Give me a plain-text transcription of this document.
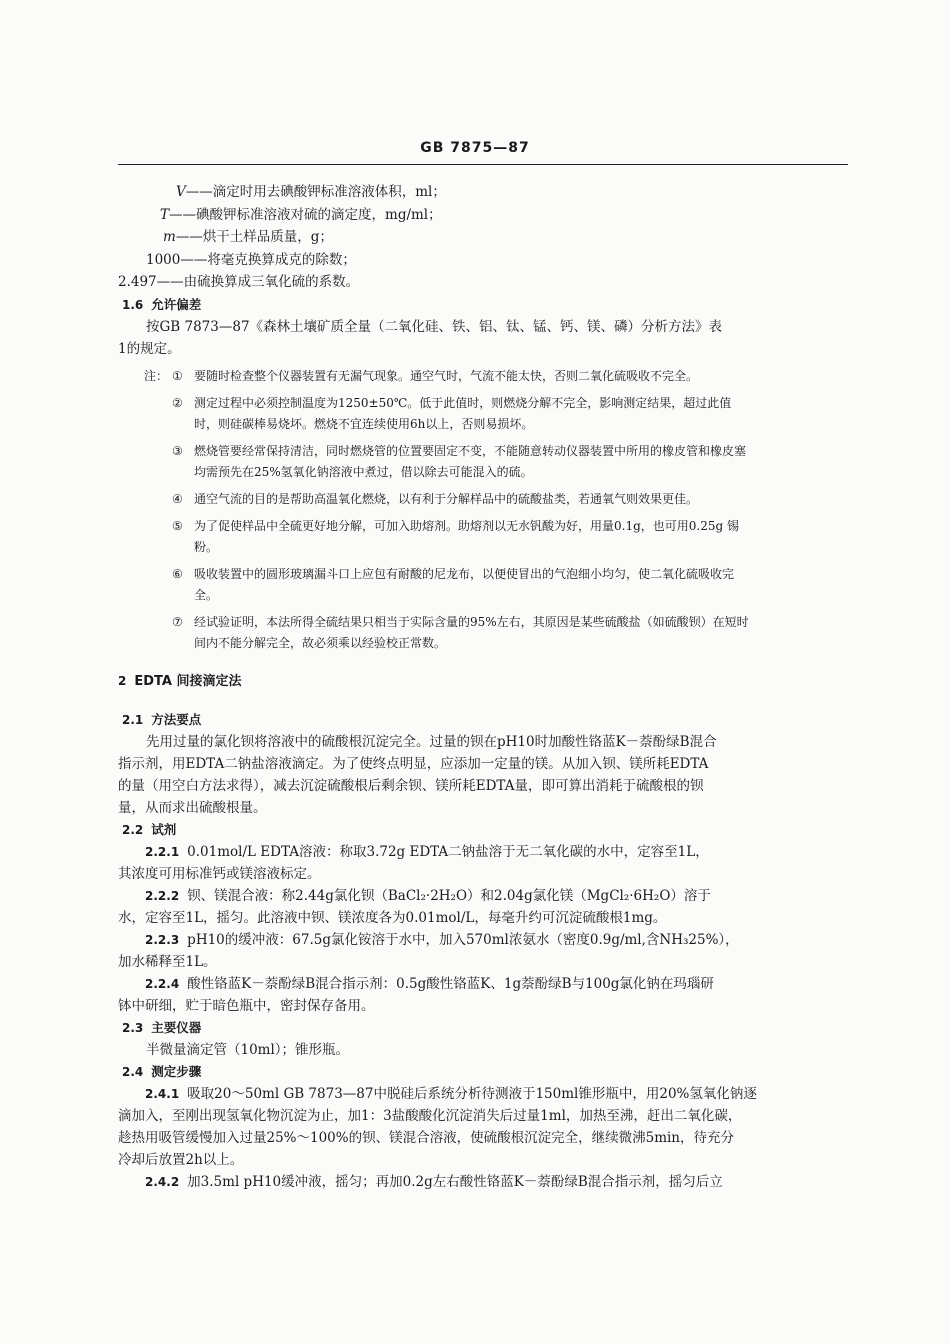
GB 7875—87
V——滴定时用去碘酸钾标准溶液体积，ml；
T——碘酸钾标准溶液对硫的滴定度，mg/ml；
m——烘干土样品质量，g；
1000——将毫克换算成克的除数；
2.497——由硫换算成三氧化硫的系数。
1.6 允许偏差
按GB 7873—87《森林土壤矿质全量（二氧化硅、铁、铝、钛、锰、钙、镁、磷）分析方法》表
1的规定。
注： ① 要随时检查整个仪器装置有无漏气现象。通空气时，气流不能太快，否则二氧化硫吸收不完全。
② 测定过程中必须控制温度为1250±50℃。低于此值时，则燃烧分解不完全，影响测定结果，超过此值
时，则硅碳棒易烧坏。燃烧不宜连续使用6h以上，否则易损坏。
③ 燃烧管要经常保持清洁，同时燃烧管的位置要固定不变，不能随意转动仪器装置中所用的橡皮管和橡皮塞
均需预先在25%氢氧化钠溶液中煮过，借以除去可能混入的硫。
④ 通空气流的目的是帮助高温氧化燃烧，以有利于分解样品中的硫酸盐类，若通氧气则效果更佳。
⑤ 为了促使样品中全硫更好地分解，可加入助熔剂。助熔剂以无水钒酸为好，用量0.1g，也可用0.25g 锡
粉。
⑥ 吸收装置中的圆形玻璃漏斗口上应包有耐酸的尼龙布，以便使冒出的气泡细小均匀，使二氧化硫吸收完
全。
⑦ 经试验证明，本法所得全硫结果只相当于实际含量的95%左右，其原因是某些硫酸盐（如硫酸钡）在短时
间内不能分解完全，故必须乘以经验校正常数。
2 EDTA 间接滴定法
2.1 方法要点
先用过量的氯化钡将溶液中的硫酸根沉淀完全。过量的钡在pH10时加酸性铬蓝K－萘酚绿B混合
指示剂，用EDTA二钠盐溶液滴定。为了使终点明显，应添加一定量的镁。从加入钡、镁所耗EDTA
的量（用空白方法求得），减去沉淀硫酸根后剩余钡、镁所耗EDTA量，即可算出消耗于硫酸根的钡
量，从而求出硫酸根量。
2.2 试剂
2.2.1 0.01mol/L EDTA溶液：称取3.72g EDTA二钠盐溶于无二氧化碳的水中，定容至1L，
其浓度可用标准钙或镁溶液标定。
2.2.2 钡、镁混合液：称2.44g氯化钡（BaCl₂·2H₂O）和2.04g氯化镁（MgCl₂·6H₂O）溶于
水，定容至1L，摇匀。此溶液中钡、镁浓度各为0.01mol/L，每毫升约可沉淀硫酸根1mg。
2.2.3 pH10的缓冲液：67.5g氯化铵溶于水中，加入570ml浓氨水（密度0.9g/ml,含NH₃25%），
加水稀释至1L。
2.2.4 酸性铬蓝K－萘酚绿B混合指示剂：0.5g酸性铬蓝K、1g萘酚绿B与100g氯化钠在玛瑙研
钵中研细，贮于暗色瓶中，密封保存备用。
2.3 主要仪器
半微量滴定管（10ml）；锥形瓶。
2.4 测定步骤
2.4.1 吸取20～50ml GB 7873—87中脱硅后系统分析待测液于150ml锥形瓶中，用20%氢氧化钠逐
滴加入，至刚出现氢氧化物沉淀为止，加1：3盐酸酸化沉淀消失后过量1ml，加热至沸，赶出二氧化碳，
趁热用吸管缓慢加入过量25%～100%的钡、镁混合溶液，使硫酸根沉淀完全，继续微沸5min，待充分
冷却后放置2h以上。
2.4.2 加3.5ml pH10缓冲液，摇匀；再加0.2g左右酸性铬蓝K－萘酚绿B混合指示剂，摇匀后立
